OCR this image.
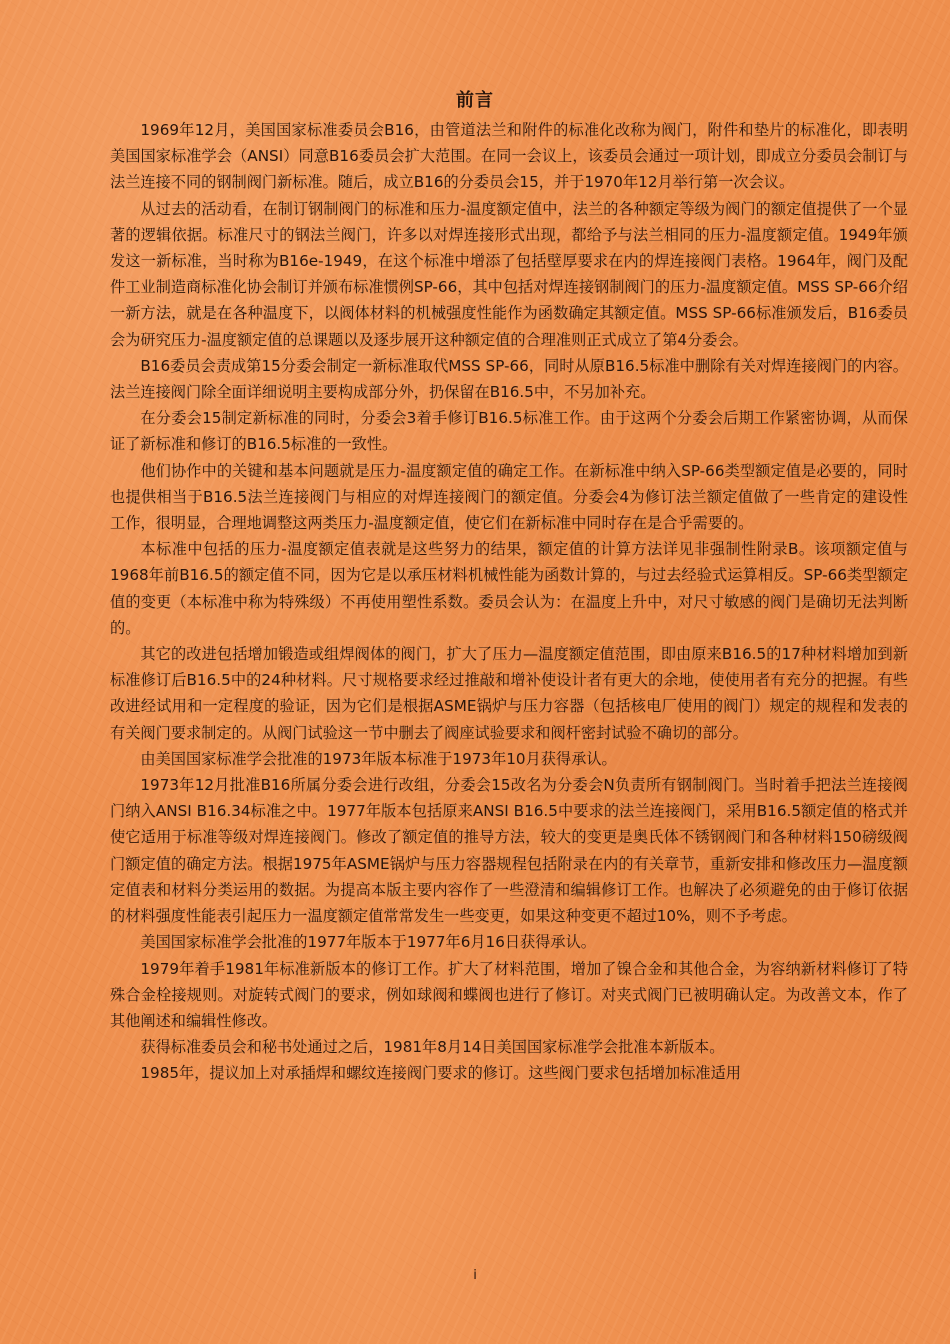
前言

1969年12月，美国国家标准委员会B16，由管道法兰和附件的标准化改称为阀门，附件和垫片的标准化，即表明美国国家标准学会（ANSI）同意B16委员会扩大范围。在同一会议上，该委员会通过一项计划，即成立分委员会制订与法兰连接不同的钢制阀门新标准。随后，成立B16的分委员会15，并于1970年12月举行第一次会议。

从过去的活动看，在制订钢制阀门的标准和压力-温度额定值中，法兰的各种额定等级为阀门的额定值提供了一个显著的逻辑依据。标准尺寸的钢法兰阀门，许多以对焊连接形式出现，都给予与法兰相同的压力-温度额定值。1949年颁发这一新标准，当时称为B16e-1949，在这个标准中增添了包括壁厚要求在内的焊连接阀门表格。1964年，阀门及配件工业制造商标准化协会制订并颁布标准惯例SP-66，其中包括对焊连接钢制阀门的压力-温度额定值。MSS SP-66介绍一新方法，就是在各种温度下，以阀体材料的机械强度性能作为函数确定其额定值。MSS SP-66标准颁发后，B16委员会为研究压力-温度额定值的总课题以及逐步展开这种额定值的合理准则正式成立了第4分委会。

B16委员会责成第15分委会制定一新标准取代MSS SP-66，同时从原B16.5标准中删除有关对焊连接阀门的内容。法兰连接阀门除全面详细说明主要构成部分外，扔保留在B16.5中，不另加补充。

在分委会15制定新标准的同时，分委会3着手修订B16.5标准工作。由于这两个分委会后期工作紧密协调，从而保证了新标准和修订的B16.5标准的一致性。

他们协作中的关键和基本问题就是压力-温度额定值的确定工作。在新标准中纳入SP-66类型额定值是必要的，同时也提供相当于B16.5法兰连接阀门与相应的对焊连接阀门的额定值。分委会4为修订法兰额定值做了一些肯定的建设性工作，很明显，合理地调整这两类压力-温度额定值，使它们在新标准中同时存在是合乎需要的。

本标准中包括的压力-温度额定值表就是这些努力的结果，额定值的计算方法详见非强制性附录B。该项额定值与1968年前B16.5的额定值不同，因为它是以承压材料机械性能为函数计算的，与过去经验式运算相反。SP-66类型额定值的变更（本标准中称为特殊级）不再使用塑性系数。委员会认为：在温度上升中，对尺寸敏感的阀门是确切无法判断的。

其它的改进包括增加锻造或组焊阀体的阀门，扩大了压力—温度额定值范围，即由原来B16.5的17种材料增加到新标准修订后B16.5中的24种材料。尺寸规格要求经过推敲和增补使设计者有更大的余地，使使用者有充分的把握。有些改进经试用和一定程度的验证，因为它们是根据ASME锅炉与压力容器（包括核电厂使用的阀门）规定的规程和发表的有关阀门要求制定的。从阀门试验这一节中删去了阀座试验要求和阀杆密封试验不确切的部分。

由美国国家标准学会批准的1973年版本标准于1973年10月获得承认。

1973年12月批准B16所属分委会进行改组，分委会15改名为分委会N负责所有钢制阀门。当时着手把法兰连接阀门纳入ANSI B16.34标准之中。1977年版本包括原来ANSI B16.5中要求的法兰连接阀门，采用B16.5额定值的格式并使它适用于标准等级对焊连接阀门。修改了额定值的推导方法，较大的变更是奥氏体不锈钢阀门和各种材料150磅级阀门额定值的确定方法。根据1975年ASME锅炉与压力容器规程包括附录在内的有关章节，重新安排和修改压力—温度额定值表和材料分类运用的数据。为提高本版主要内容作了一些澄清和编辑修订工作。也解决了必须避免的由于修订依据的材料强度性能表引起压力一温度额定值常常发生一些变更，如果这种变更不超过10%，则不予考虑。

美国国家标准学会批准的1977年版本于1977年6月16日获得承认。

1979年着手1981年标准新版本的修订工作。扩大了材料范围，增加了镍合金和其他合金，为容纳新材料修订了特殊合金栓接规则。对旋转式阀门的要求，例如球阀和蝶阀也进行了修订。对夹式阀门已被明确认定。为改善文本，作了其他阐述和编辑性修改。

获得标准委员会和秘书处通过之后，1981年8月14日美国国家标准学会批准本新版本。

1985年，提议加上对承插焊和螺纹连接阀门要求的修订。这些阀门要求包括增加标准适用

i
